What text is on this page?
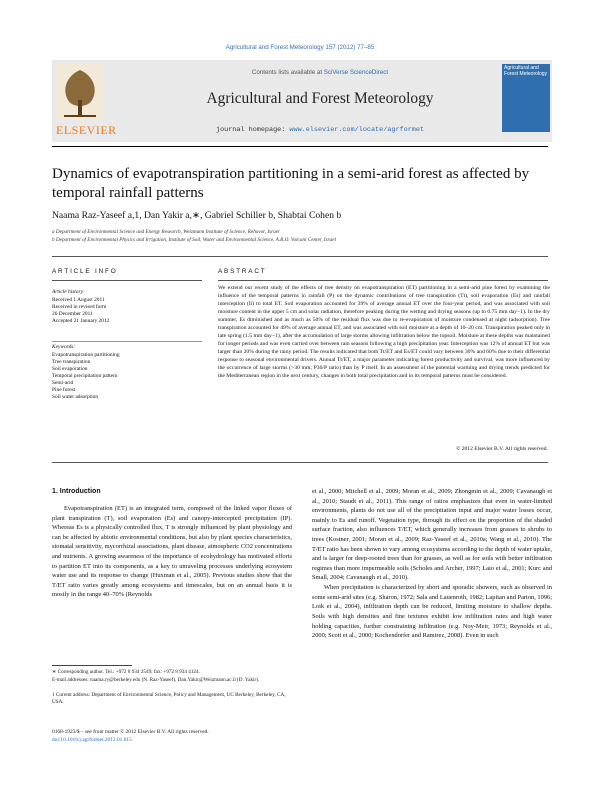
Agricultural and Forest Meteorology 157 (2012) 77–85
ELSEVIER
Contents lists available at SciVerse ScienceDirect
Agricultural and Forest Meteorology
journal homepage: www.elsevier.com/locate/agrformet
Agricultural and Forest Meteorology
Dynamics of evapotranspiration partitioning in a semi-arid forest as affected by temporal rainfall patterns
Naama Raz-Yaseef a,1, Dan Yakir a,∗, Gabriel Schiller b, Shabtai Cohen b
a Department of Environmental Science and Energy Research, Weizmann Institute of Science, Rehovot, Israel
b Department of Environmental Physics and Irrigation, Institute of Soil, Water and Environmental Science, A.R.O. Volcani Center, Israel
ARTICLE INFO	ABSTRACT
Article history:
Received 1 August 2011
Received in revised form
26 December 2011
Accepted 21 January 2012
Keywords:
Evapotranspiration partitioning
Tree transpiration
Soil evaporation
Temporal precipitation pattern
Semi-arid
Pine forest
Soil water adsorption
We extend our recent study of the effects of tree density on evapotranspiration (ET) partitioning in a semi-arid pine forest by examining the influence of the temporal patterns in rainfall (P) on the dynamic contributions of tree transpiration (Tt), soil evaporation (Es) and rainfall interception (Ii) to total ET. Soil evaporation accounted for 39% of average annual ET over the four-year period, and was associated with soil moisture content in the upper 5 cm and solar radiation, therefore peaking during the wetting and drying seasons (up to 0.75 mm day−1). In the dry summer, Es diminished and as much as 50% of the residual flux was due to re-evaporation of moisture condensed at night (adsorption). Tree transpiration accounted for 49% of average annual ET, and was associated with soil moisture at a depth of 10–20 cm. Transpiration peaked only in late spring (1.5 mm day−1), after the accumulation of large storms allowing infiltration below the topsoil. Moisture at these depths was maintained for longer periods and was even carried over between rain seasons following a high precipitation year. Interception was 12% of annual ET but was larger than 20% during the rainy period. The results indicated that both Tt/ET and Es/ET could vary between 30% and 60% due to their differential response to seasonal environmental drivers. Annual Tt/ET, a major parameter indicating forest productivity and survival, was more influenced by the occurrence of large storms (>30 mm; P30/P ratio) than by P itself. In an assessment of the potential warming and drying trends predicted for the Mediterranean region in the next century, changes in both total precipitation and in its temporal patterns must be considered.
© 2012 Elsevier B.V. All rights reserved.
1. Introduction
Evapotranspiration (ET) is an integrated term, composed of the linked vapor fluxes of plant transpiration (T), soil evaporation (Es) and canopy-intercepted precipitation (IP). Whereas Es is a physically controlled flux, T is strongly influenced by plant physiology and can be affected by abiotic environmental conditions, but also by plant species characteristics, stomatal sensitivity, mycorrhizal associations, plant disease, atmospheric CO2 concentrations and nutrients. A growing awareness of the importance of ecohydrology has motivated efforts to partition ET into its components, as a key to unraveling processes underlying ecosystem water use and its response to change (Huxman et al., 2005). Previous studies show that the T/ET ratio varies greatly among ecosystems and timescales, but on an annual basis it is mostly in the range 40–70% (Reynolds
et al., 2000; Mitchell et al., 2009; Moran et al., 2009; Zhongmin et al., 2009; Cavanaugh et al., 2010; Staudt et al., 2011). This range of ratios emphasizes that even in water-limited environments, plants do not use all of the precipitation input and major water losses occur, mainly to Es and runoff. Vegetation type, through its effect on the proportion of the shaded surface fraction, also influences T/ET, which generally increases from grasses to shrubs to trees (Kostner, 2001; Moran et al., 2009; Raz-Yaseef et al., 2010a; Wang et al., 2010). The T/ET ratio has been shown to vary among ecosystems according to the depth of water uptake, and is larger for deep-rooted trees than for grasses, as well as for soils with better infiltration regimes than more impermeable soils (Scholes and Archer, 1997; Laio et al., 2001; Kurc and Small, 2004; Cavanaugh et al., 2010).
When precipitation is characterized by short and sporadic showers, such as observed in some semi-arid sites (e.g. Sharon, 1972; Sala and Lauenroth, 1982; Lapitan and Parton, 1996; Loik et al., 2004), infiltration depth can be reduced, limiting moisture to shallow depths. Soils with high densities and fine textures exhibit low infiltration rates and high water holding capacities, further constraining infiltration (e.g. Noy-Meir, 1973; Reynolds et al., 2000; Scott et al., 2000; Kochendorfer and Ramirez, 2008). Even in such
∗ Corresponding author. Tel.: +972 8 934 2549; fax: +972 8 934 4124.
E-mail addresses: naama.ry@berkeley.edu (N. Raz-Yaseef), Dan.Yakir@Weizmann.ac.il (D. Yakir).
1 Current address: Department of Environmental Science, Policy and Management, UC Berkeley, Berkeley, CA, USA.
0168-1923/$ – see front matter © 2012 Elsevier B.V. All rights reserved.
doi:10.1016/j.agrformet.2012.01.015
